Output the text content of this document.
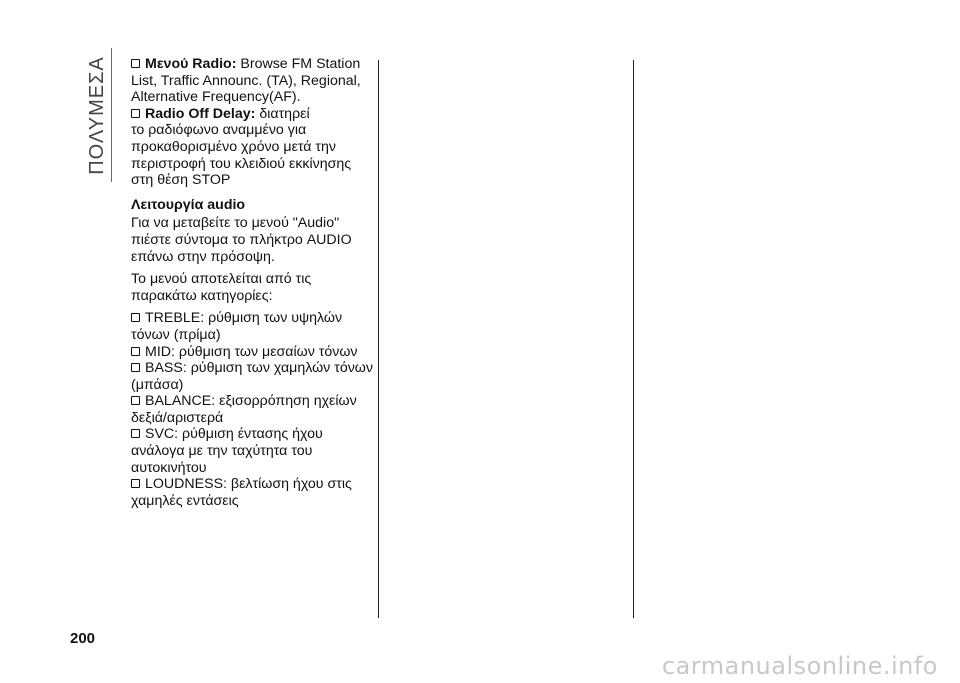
ΠΟΛΥΜΕΣΑ	Μενού Radio: Browse FM Station

List, Traffic Announc. (TA), Regional,

Alternative Frequency(AF).

Radio Off Delay: διατηρεί

το ραδιόφωνο αναμμένο για

προκαθορισμένο χρόνο μετά την

περιστροφή του κλειδιού εκκίνησης

στη θέση STOP

Λειτουργία audio

Για να μεταβείτε το μενού "Audio"

πιέστε σύντομα το πλήκτρο AUDIO

επάνω στην πρόσοψη.

Το μενού αποτελείται από τις

παρακάτω κατηγορίες:

TREBLE: ρύθμιση των υψηλών

τόνων (πρίμα)

MID: ρύθμιση των μεσαίων τόνων

BASS: ρύθμιση των χαμηλών τόνων

(μπάσα)

BALANCE: εξισορρόπηση ηχείων

δεξιά/αριστερά

SVC: ρύθμιση έντασης ήχου

ανάλογα με την ταχύτητα του

αυτοκινήτου

LOUDNESS: βελτίωση ήχου στις

χαμηλές εντάσεις

200
carmanualsonline.info
